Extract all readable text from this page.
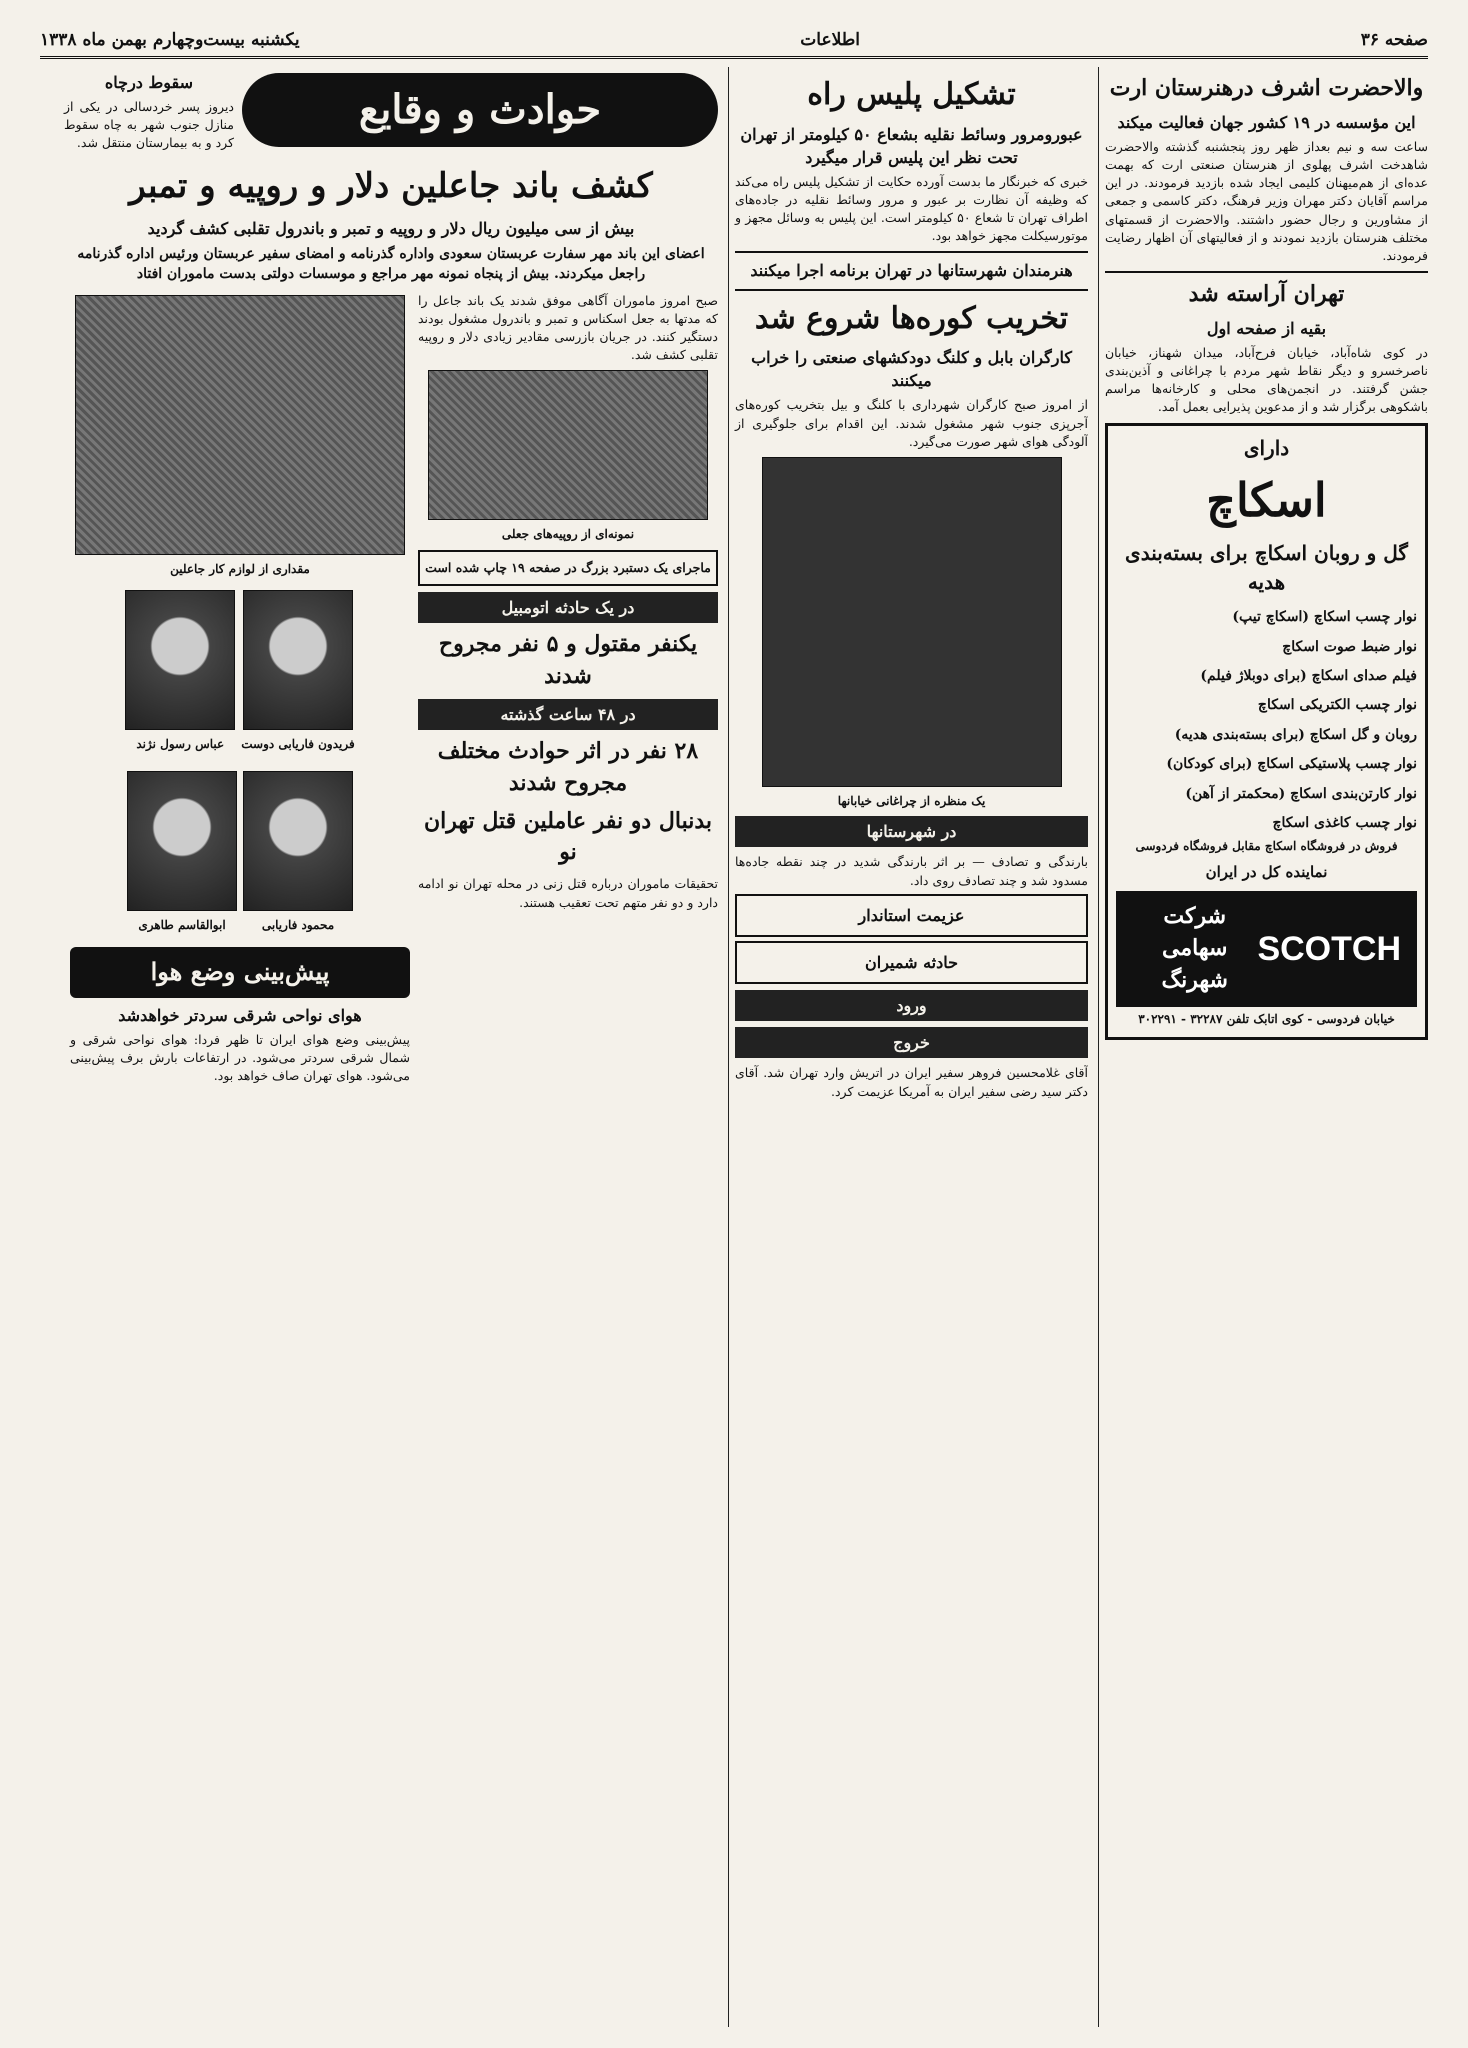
صفحه ۳۶
اطلاعات
یکشنبه بیست‌وچهارم بهمن ماه ۱۳۳۸
والاحضرت اشرف درهنرستان ارت
این مؤسسه در ۱۹ کشور جهان فعالیت میکند

ساعت سه و نیم بعداز ظهر روز پنجشنبه گذشته والاحضرت شاهدخت اشرف پهلوی از هنرستان صنعتی ارت که بهمت عده‌ای از هم‌میهنان کلیمی ایجاد شده بازدید فرمودند. در این مراسم آقایان دکتر مهران وزیر فرهنگ، دکتر کاسمی و جمعی از مشاورین و رجال حضور داشتند. والاحضرت از قسمتهای مختلف هنرستان بازدید نمودند و از فعالیتهای آن اظهار رضایت فرمودند.

تهران آراسته شد
بقیه از صفحه اول

در کوی شاه‌آباد، خیابان فرح‌آباد، میدان شهناز، خیابان ناصرخسرو و دیگر نقاط شهر مردم با چراغانی و آذین‌بندی جشن گرفتند. در انجمن‌های محلی و کارخانه‌ها مراسم باشکوهی برگزار شد و از مدعوین پذیرایی بعمل آمد.

دارای
اسکاچ
گل و روبان اسکاچ برای بسته‌بندی هدیه
نوار چسب اسکاچ (اسکاچ تیپ)
نوار ضبط صوت اسکاچ
فیلم صدای اسکاچ (برای دوبلاژ فیلم)
نوار چسب الکتریکی اسکاچ
روبان و گل اسکاچ (برای بسته‌بندی هدیه)
نوار چسب پلاستیکی اسکاچ (برای کودکان)
نوار کارتن‌بندی اسکاچ (محکمتر از آهن)
نوار چسب کاغذی اسکاچ
فروش در فروشگاه اسکاچ مقابل فروشگاه فردوسی
نماینده کل در ایران
SCOTCH
شرکت سهامی شهرنگ
خیابان فردوسی - کوی اتابک تلفن ۳۲۲۸۷ - ۳۰۲۲۹۱
تشکیل پلیس راه
عبورومرور وسائط نقلیه بشعاع ۵۰ کیلومتر از تهران تحت نظر این پلیس قرار میگیرد

خبری که خبرنگار ما بدست آورده حکایت از تشکیل پلیس راه می‌کند که وظیفه آن نظارت بر عبور و مرور وسائط نقلیه در جاده‌های اطراف تهران تا شعاع ۵۰ کیلومتر است. این پلیس به وسائل مجهز و موتورسیکلت مجهز خواهد بود.

هنرمندان شهرستانها در تهران برنامه اجرا میکنند
تخریب کوره‌ها شروع شد
کارگران بابل و کلنگ دودکشهای صنعتی را خراب میکنند

از امروز صبح کارگران شهرداری با کلنگ و بیل بتخریب کوره‌های آجرپزی جنوب شهر مشغول شدند. این اقدام برای جلوگیری از آلودگی هوای شهر صورت می‌گیرد.

یک منظره از چراغانی خیابانها
در شهرستانها

بارندگی و تصادف — بر اثر بارندگی شدید در چند نقطه جاده‌ها مسدود شد و چند تصادف روی داد.

عزیمت استاندار
حادثه شمیران
ورود
خروج

آقای غلامحسین فروهر سفیر ایران در اتریش وارد تهران شد. آقای دکتر سید رضی سفیر ایران به آمریکا عزیمت کرد.

حوادث و وقایع
سقوط درچاه

دیروز پسر خردسالی در یکی از منازل جنوب شهر به چاه سقوط کرد و به بیمارستان منتقل شد.

کشف باند جاعلین دلار و روپیه و تمبر
بیش از سی میلیون ریال دلار و روپیه و تمبر و باندرول تقلبی کشف گردید
اعضای این باند مهر سفارت عربستان سعودی واداره گذرنامه و امضای سفیر عربستان ورئیس اداره گذرنامه راجعل میکردند. بیش از پنجاه نمونه مهر مراجع و موسسات دولتی بدست ماموران افتاد

صبح امروز ماموران آگاهی موفق شدند یک باند جاعل را که مدتها به جعل اسکناس و تمبر و باندرول مشغول بودند دستگیر کنند. در جریان بازرسی مقادیر زیادی دلار و روپیه تقلبی کشف شد.

نمونه‌ای از روپیه‌های جعلی

ماجرای یک دستبرد بزرگ در صفحه ۱۹ چاپ شده است

در یک حادثه اتومبیل
یکنفر مقتول و ۵ نفر مجروح شدند
در ۴۸ ساعت گذشته
۲۸ نفر در اثر حوادث مختلف مجروح شدند
بدنبال دو نفر عاملین قتل تهران نو

تحقیقات ماموران درباره قتل زنی در محله تهران نو ادامه دارد و دو نفر متهم تحت تعقیب هستند.

مقداری از لوازم کار جاعلین
فریدون فاریابی دوست
عباس رسول نژند
محمود فاریابی
ابوالقاسم طاهری
پیش‌بینی وضع هوا
هوای نواحی شرقی سردتر خواهدشد

پیش‌بینی وضع هوای ایران تا ظهر فردا: هوای نواحی شرقی و شمال شرقی سردتر می‌شود. در ارتفاعات بارش برف پیش‌بینی می‌شود. هوای تهران صاف خواهد بود.
